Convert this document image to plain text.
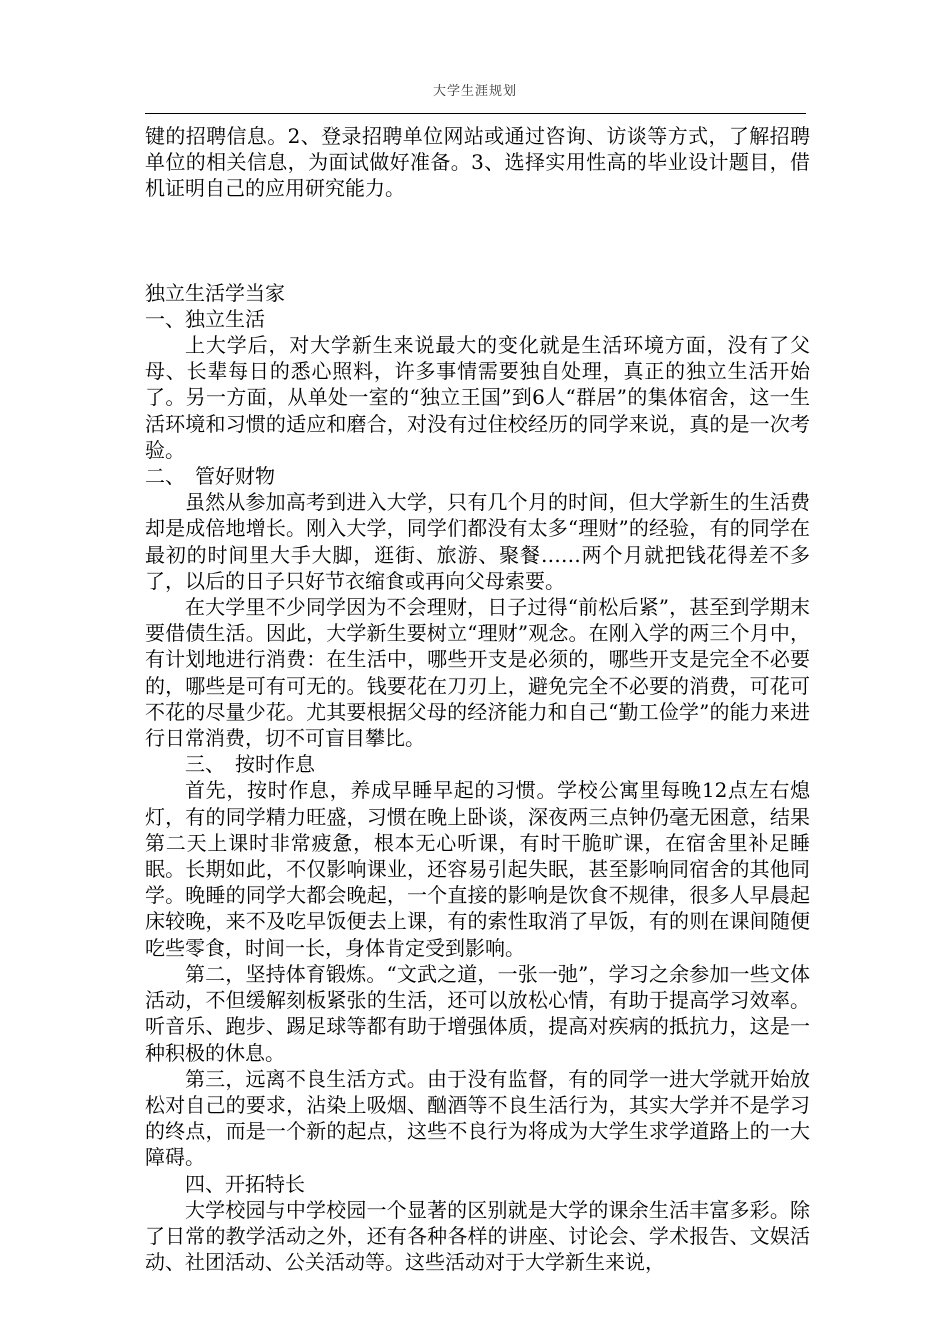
大学生涯规划

键的招聘信息。2、登录招聘单位网站或通过咨询、访谈等方式，了解招聘单位的相关信息，为面试做好准备。3、选择实用性高的毕业设计题目，借机证明自己的应用研究能力。

独立生活学当家

一、独立生活

上大学后，对大学新生来说最大的变化就是生活环境方面，没有了父母、长辈每日的悉心照料，许多事情需要独自处理，真正的独立生活开始了。另一方面，从单处一室的“独立王国”到6人“群居”的集体宿舍，这一生活环境和习惯的适应和磨合，对没有过住校经历的同学来说，真的是一次考验。

二、　管好财物

虽然从参加高考到进入大学，只有几个月的时间，但大学新生的生活费却是成倍地增长。刚入大学，同学们都没有太多“理财”的经验，有的同学在最初的时间里大手大脚，逛街、旅游、聚餐……两个月就把钱花得差不多了，以后的日子只好节衣缩食或再向父母索要。

在大学里不少同学因为不会理财，日子过得“前松后紧”，甚至到学期末要借债生活。因此，大学新生要树立“理财”观念。在刚入学的两三个月中，有计划地进行消费：在生活中，哪些开支是必须的，哪些开支是完全不必要的，哪些是可有可无的。钱要花在刀刃上，避免完全不必要的消费，可花可不花的尽量少花。尤其要根据父母的经济能力和自己“勤工俭学”的能力来进行日常消费，切不可盲目攀比。

三、　按时作息

首先，按时作息，养成早睡早起的习惯。学校公寓里每晚12点左右熄灯，有的同学精力旺盛，习惯在晚上卧谈，深夜两三点钟仍毫无困意，结果第二天上课时非常疲惫，根本无心听课，有时干脆旷课，在宿舍里补足睡眠。长期如此，不仅影响课业，还容易引起失眠，甚至影响同宿舍的其他同学。晚睡的同学大都会晚起，一个直接的影响是饮食不规律，很多人早晨起床较晚，来不及吃早饭便去上课，有的索性取消了早饭，有的则在课间随便吃些零食，时间一长，身体肯定受到影响。

第二，坚持体育锻炼。“文武之道，一张一弛”，学习之余参加一些文体活动，不但缓解刻板紧张的生活，还可以放松心情，有助于提高学习效率。听音乐、跑步、踢足球等都有助于增强体质，提高对疾病的抵抗力，这是一种积极的休息。

第三，远离不良生活方式。由于没有监督，有的同学一进大学就开始放松对自己的要求，沾染上吸烟、酗酒等不良生活行为，其实大学并不是学习的终点，而是一个新的起点，这些不良行为将成为大学生求学道路上的一大障碍。

四、开拓特长

大学校园与中学校园一个显著的区别就是大学的课余生活丰富多彩。除了日常的教学活动之外，还有各种各样的讲座、讨论会、学术报告、文娱活动、社团活动、公关活动等。这些活动对于大学新生来说，
